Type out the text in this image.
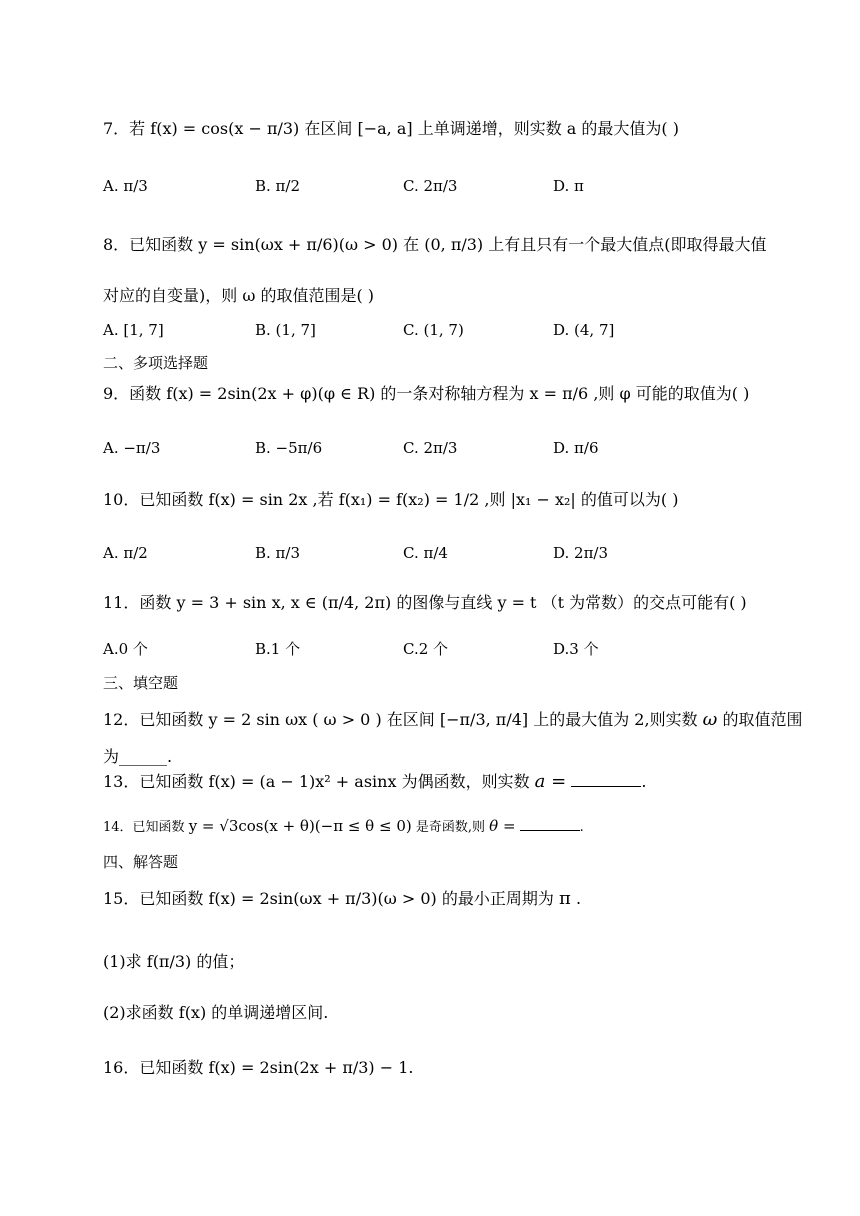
7．若 f(x) = cos(x − π/3) 在区间 [−a, a] 上单调递增，则实数 a 的最大值为( )
A. π/3	B. π/2	C. 2π/3	D. π
8．已知函数 y = sin(ωx + π/6)(ω > 0) 在 (0, π/3) 上有且只有一个最大值点(即取得最大值
对应的自变量)，则 ω 的取值范围是( )
A. [1, 7]	B. (1, 7]	C. (1, 7)	D. (4, 7]
二、多项选择题
9．函数 f(x) = 2sin(2x + φ)(φ ∈ R) 的一条对称轴方程为 x = π/6 ,则 φ 可能的取值为( )
A. −π/3	B. −5π/6	C. 2π/3	D. π/6
10．已知函数 f(x) = sin 2x ,若 f(x₁) = f(x₂) = 1/2 ,则 |x₁ − x₂| 的值可以为( )
A. π/2	B. π/3	C. π/4	D. 2π/3
11．函数 y = 3 + sin x, x ∈ (π/4, 2π) 的图像与直线 y = t （t 为常数）的交点可能有( )
A.0 个	B.1 个	C.2 个	D.3 个
三、填空题
12．已知函数 y = 2 sin ωx ( ω > 0 ) 在区间 [−π/3, π/4] 上的最大值为 2,则实数 ω 的取值范围
为______.
13．已知函数 f(x) = (a − 1)x² + asinx 为偶函数，则实数 a =	.
14．已知函数 y = √3cos(x + θ)(−π ≤ θ ≤ 0) 是奇函数,则 θ =	.
四、解答题
15．已知函数 f(x) = 2sin(ωx + π/3)(ω > 0) 的最小正周期为 π .
(1)求 f(π/3) 的值；
(2)求函数 f(x) 的单调递增区间.
16．已知函数 f(x) = 2sin(2x + π/3) − 1.
